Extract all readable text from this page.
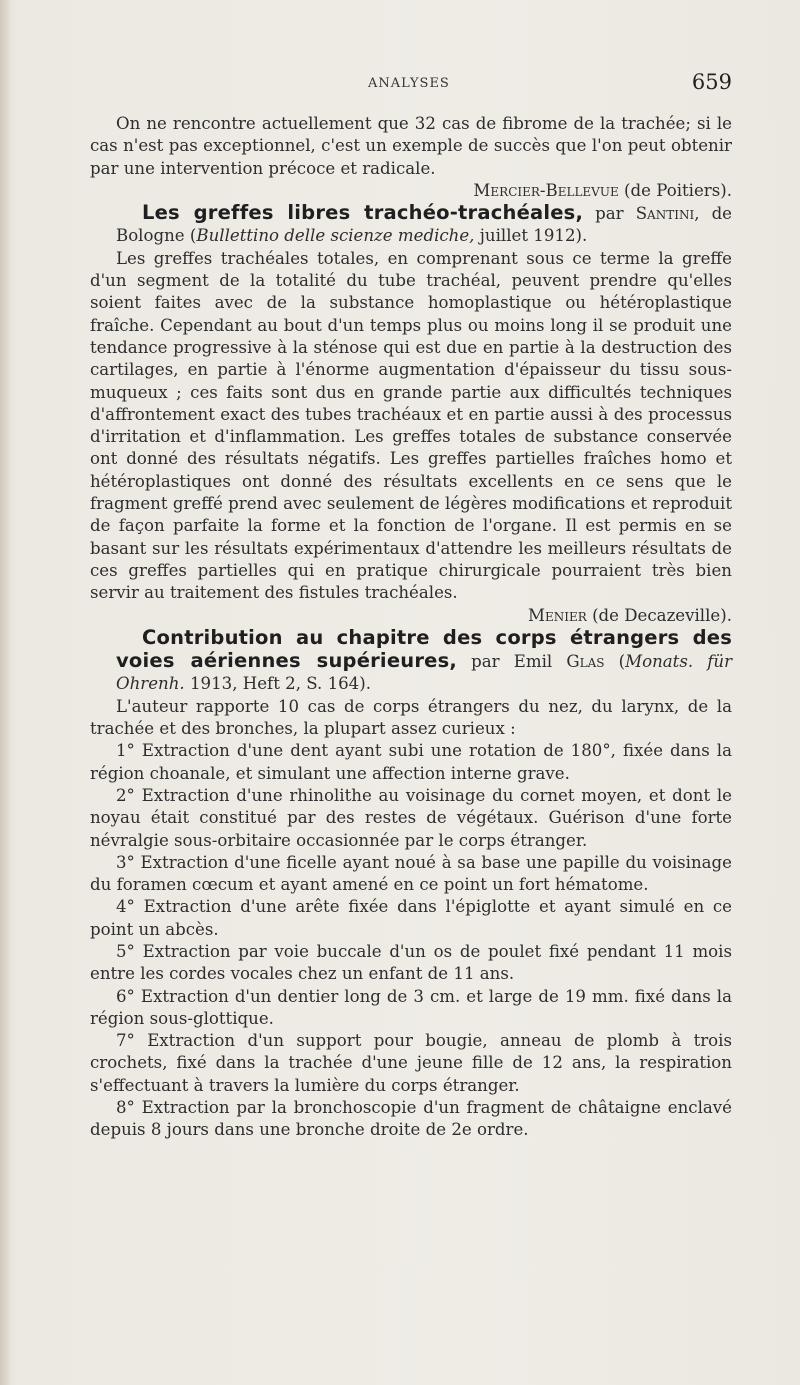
ANALYSES	659

On ne rencontre actuellement que 32 cas de fibrome de la trachée; si le cas n'est pas exceptionnel, c'est un exemple de succès que l'on peut obtenir par une intervention précoce et radicale.

Mercier-Bellevue (de Poitiers).

Les greffes libres trachéo-trachéales, par Santini, de Bologne (Bullettino delle scienze mediche, juillet 1912).

Les greffes trachéales totales, en comprenant sous ce terme la greffe d'un segment de la totalité du tube trachéal, peuvent prendre qu'elles soient faites avec de la substance homoplastique ou hétéroplastique fraîche. Cependant au bout d'un temps plus ou moins long il se produit une tendance progressive à la sténose qui est due en partie à la destruction des cartilages, en partie à l'énorme augmentation d'épaisseur du tissu sous-muqueux ; ces faits sont dus en grande partie aux difficultés techniques d'affrontement exact des tubes trachéaux et en partie aussi à des processus d'irritation et d'inflammation. Les greffes totales de substance conservée ont donné des résultats négatifs. Les greffes partielles fraîches homo et hétéroplastiques ont donné des résultats excellents en ce sens que le fragment greffé prend avec seulement de légères modifications et reproduit de façon parfaite la forme et la fonction de l'organe. Il est permis en se basant sur les résultats expérimentaux d'attendre les meilleurs résultats de ces greffes partielles qui en pratique chirurgicale pourraient très bien servir au traitement des fistules trachéales.

Menier (de Decazeville).

Contribution au chapitre des corps étrangers des voies aériennes supérieures, par Emil Glas (Monats. für Ohrenh. 1913, Heft 2, S. 164).

L'auteur rapporte 10 cas de corps étrangers du nez, du larynx, de la trachée et des bronches, la plupart assez curieux :

1° Extraction d'une dent ayant subi une rotation de 180°, fixée dans la région choanale, et simulant une affection interne grave.

2° Extraction d'une rhinolithe au voisinage du cornet moyen, et dont le noyau était constitué par des restes de végétaux. Guérison d'une forte névralgie sous-orbitaire occasionnée par le corps étranger.

3° Extraction d'une ficelle ayant noué à sa base une papille du voisinage du foramen cœcum et ayant amené en ce point un fort hématome.

4° Extraction d'une arête fixée dans l'épiglotte et ayant simulé en ce point un abcès.

5° Extraction par voie buccale d'un os de poulet fixé pendant 11 mois entre les cordes vocales chez un enfant de 11 ans.

6° Extraction d'un dentier long de 3 cm. et large de 19 mm. fixé dans la région sous-glottique.

7° Extraction d'un support pour bougie, anneau de plomb à trois crochets, fixé dans la trachée d'une jeune fille de 12 ans, la respiration s'effectuant à travers la lumière du corps étranger.

8° Extraction par la bronchoscopie d'un fragment de châtaigne enclavé depuis 8 jours dans une bronche droite de 2e ordre.
